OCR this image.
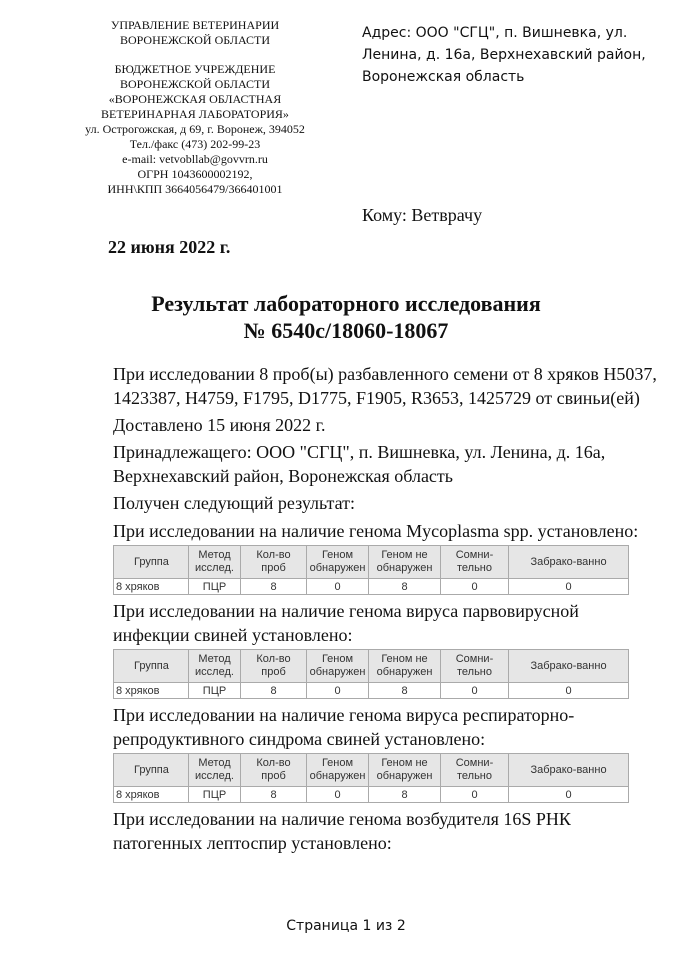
УПРАВЛЕНИЕ ВЕТЕРИНАРИИ
ВОРОНЕЖСКОЙ ОБЛАСТИ
БЮДЖЕТНОЕ УЧРЕЖДЕНИЕ
ВОРОНЕЖСКОЙ ОБЛАСТИ
«ВОРОНЕЖСКАЯ ОБЛАСТНАЯ
ВЕТЕРИНАРНАЯ ЛАБОРАТОРИЯ»
ул. Острогожская, д 69, г. Воронеж, 394052
Тел./факс (473) 202-99-23
e-mail: vetvobllab@govvrn.ru
ОГРН 1043600002192,
ИНН\КПП 3664056479/366401001
Адрес: ООО "СГЦ", п. Вишневка, ул. Ленина, д. 16а, Верхнехавский район, Воронежская область
Кому: Ветврачу
22 июня 2022 г.
Результат лабораторного исследования
№ 6540с/18060-18067
При исследовании 8 проб(ы) разбавленного семени от 8 хряков H5037, 1423387, H4759, F1795, D1775, F1905, R3653, 1425729 от свиньи(ей)
Доставлено 15 июня 2022 г.
Принадлежащего: ООО "СГЦ", п. Вишневка, ул. Ленина, д. 16а, Верхнехавский район, Воронежская область
Получен следующий результат:
При исследовании на наличие генома Mycoplasma spp. установлено:
Группа	Метод исслед.	Кол-во проб	Геном обнаружен	Геном не обнаружен	Сомни-тельно	Забрако-ванно
8 хряков	ПЦР	8	0	8	0	0
При исследовании на наличие генома вируса парвовирусной инфекции свиней установлено:
Группа	Метод исслед.	Кол-во проб	Геном обнаружен	Геном не обнаружен	Сомни-тельно	Забрако-ванно
8 хряков	ПЦР	8	0	8	0	0
При исследовании на наличие генома вируса респираторно-репродуктивного синдрома свиней установлено:
Группа	Метод исслед.	Кол-во проб	Геном обнаружен	Геном не обнаружен	Сомни-тельно	Забрако-ванно
8 хряков	ПЦР	8	0	8	0	0
При исследовании на наличие генома возбудителя 16S РНК патогенных лептоспир установлено:
Страница 1 из 2
